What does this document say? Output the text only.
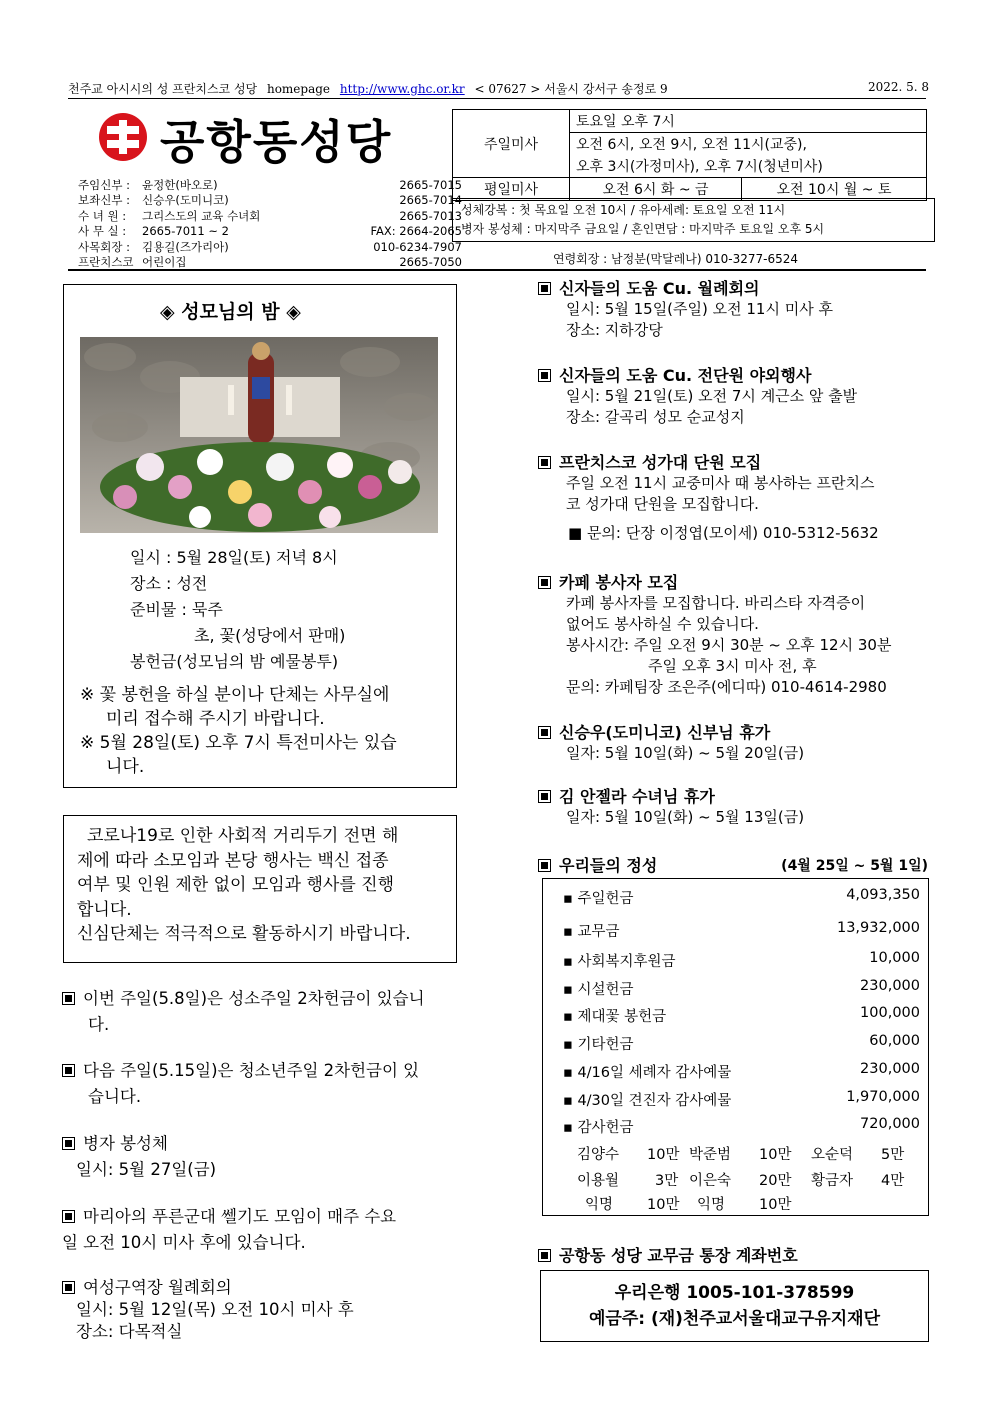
천주교 아시시의 성 프란치스코 성당 homepage http://www.ghc.or.kr < 07627 > 서울시 강서구 송정로 9	2022. 5. 8
공항동성당
주임신부 :	윤정한(바오로)	2665-7015
보좌신부 :	신승우(도미니코)	2665-7014
수 녀 원 :	그리스도의 교육 수녀회	2665-7013
사 무 실 :	2665-7011 ~ 2	FAX: 2664-2065
사목회장 :	김용길(즈가리아)	010-6234-7907
프란치스코 어린이집	2665-7050
주일미사	토요일 오후 7시	
	오전 6시, 오전 9시, 오전 11시(교중),	
	오후 3시(가정미사), 오후 7시(청년미사)	
평일미사	오전 6시 화 ~ 금	오전 10시 월 ~ 토
성체강복 : 첫 목요일 오전 10시 / 유아세례: 토요일 오전 11시
병자 봉성체 : 마지막주 금요일 / 혼인면담 : 마지막주 토요일 오후 5시
연령회장 : 남정분(막달레나) 010-3277-6524
◈ 성모님의 밤 ◈
일시 : 5월 28일(토) 저녁 8시
장소 : 성전
준비물 : 묵주
초, 꽃(성당에서 판매)
봉헌금(성모님의 밤 예물봉투)
※ 꽃 봉헌을 하실 분이나 단체는 사무실에
미리 접수해 주시기 바랍니다.
※ 5월 28일(토) 오후 7시 특전미사는 있습
니다.
코로나19로 인한 사회적 거리두기 전면 해
제에 따라 소모임과 본당 행사는 백신 접종
여부 및 인원 제한 없이 모임과 행사를 진행
합니다.
신심단체는 적극적으로 활동하시기 바랍니다.
이번 주일(5.8일)은 성소주일 2차헌금이 있습니
다.
다음 주일(5.15일)은 청소년주일 2차헌금이 있
습니다.
병자 봉성체
일시: 5월 27일(금)
마리아의 푸른군대 쎌기도 모임이 매주 수요
일 오전 10시 미사 후에 있습니다.
여성구역장 월례회의
일시: 5월 12일(목) 오전 10시 미사 후
장소: 다목적실
신자들의 도움 Cu. 월례회의
일시: 5월 15일(주일) 오전 11시 미사 후
장소: 지하강당
신자들의 도움 Cu. 전단원 야외행사
일시: 5월 21일(토) 오전 7시 계근소 앞 출발
장소: 갈곡리 성모 순교성지
프란치스코 성가대 단원 모집
주일 오전 11시 교중미사 때 봉사하는 프란치스
코 성가대 단원을 모집합니다.
■ 문의: 단장 이정엽(모이세) 010-5312-5632
카페 봉사자 모집
카페 봉사자를 모집합니다. 바리스타 자격증이
없어도 봉사하실 수 있습니다.
봉사시간: 주일 오전 9시 30분 ~ 오후 12시 30분
주일 오후 3시 미사 전, 후
문의: 카페팀장 조은주(에디따) 010-4614-2980
신승우(도미니코) 신부님 휴가
일자: 5월 10일(화) ~ 5월 20일(금)
김 안젤라 수녀님 휴가
일자: 5월 10일(화) ~ 5월 13일(금)
우리들의 정성	(4월 25일 ~ 5월 1일)
▪ 주일헌금	4,093,350
▪ 교무금	13,932,000
▪ 사회복지후원금	10,000
▪ 시설헌금	230,000
▪ 제대꽃 봉헌금	100,000
▪ 기타헌금	60,000
▪ 4/16일 세례자 감사예물	230,000
▪ 4/30일 견진자 감사예물	1,970,000
▪ 감사헌금	720,000
김양수	10만 박준범	10만	오순덕	5만
이용월	3만 이은숙	20만	황금자	4만
익명	10만	익명	10만
공항동 성당 교무금 통장 계좌번호
우리은행 1005-101-378599
예금주: (재)천주교서울대교구유지재단
